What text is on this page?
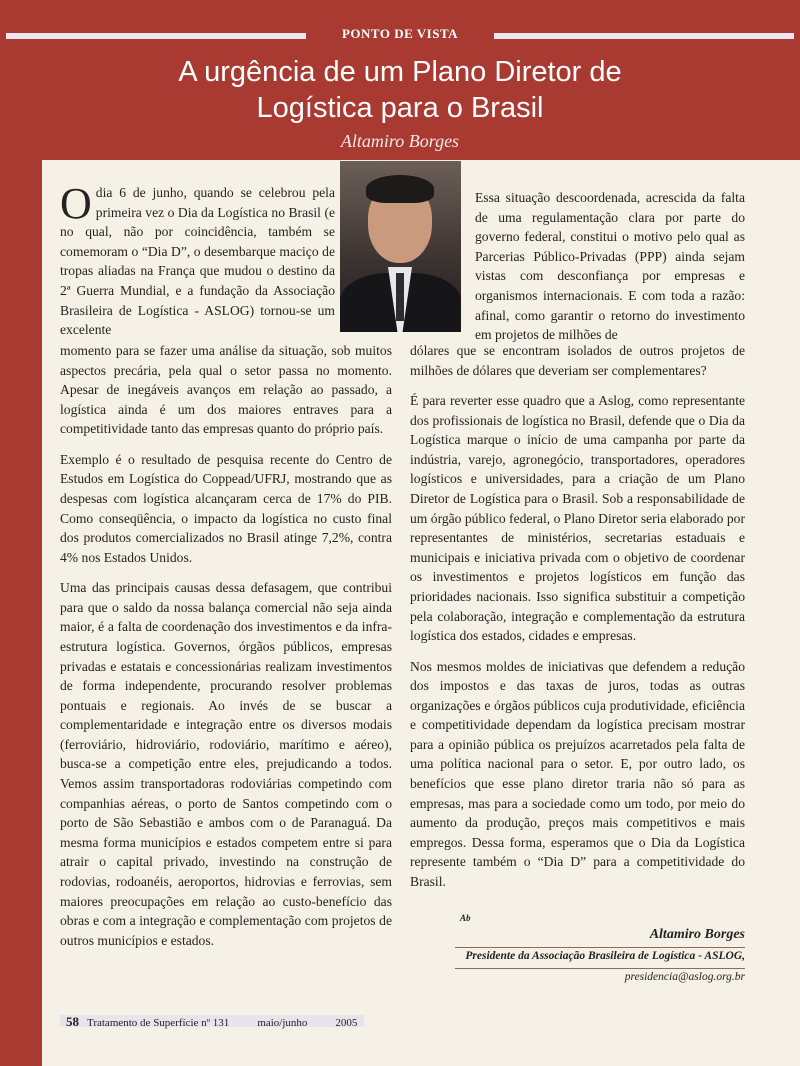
PONTO DE VISTA
A urgência de um Plano Diretor de
Logística para o Brasil
Altamiro Borges

Odia 6 de junho, quando se celebrou pela primeira vez o Dia da Logística no Brasil (e no qual, não por coincidência, também se comemoram o “Dia D”, o desembarque maciço de tropas aliadas na França que mudou o destino da 2ª Guerra Mundial, e a fundação da Associação Brasileira de Logística - ASLOG) tornou-se um excelente

momento para se fazer uma análise da situação, sob muitos aspectos precária, pela qual o setor passa no momento. Apesar de inegáveis avanços em relação ao passado, a logística ainda é um dos maiores entraves para a competitividade tanto das empresas quanto do próprio país.

Exemplo é o resultado de pesquisa recente do Centro de Estudos em Logística do Coppead/UFRJ, mostrando que as despesas com logística alcançaram cerca de 17% do PIB. Como conseqüência, o impacto da logística no custo final dos produtos comercializados no Brasil atinge 7,2%, contra 4% nos Estados Unidos.

Uma das principais causas dessa defasagem, que contribui para que o saldo da nossa balança comercial não seja ainda maior, é a falta de coordenação dos investimentos e da infra-estrutura logística. Governos, órgãos públicos, empresas privadas e estatais e concessionárias realizam investimentos de forma independente, procurando resolver problemas pontuais e regionais. Ao invés de se buscar a complementaridade e integração entre os diversos modais (ferroviário, hidroviário, rodoviário, marítimo e aéreo), busca-se a competição entre eles, prejudicando a todos. Vemos assim transportadoras rodoviárias competindo com companhias aéreas, o porto de Santos competindo com o porto de São Sebastião e ambos com o de Paranaguá. Da mesma forma municípios e estados competem entre si para atrair o capital privado, investindo na construção de rodovias, rodoanéis, aeroportos, hidrovias e ferrovias, sem maiores preocupações em relação ao custo-benefício das obras e com a integração e complementação com projetos de outros municípios e estados.

Essa situação descoordenada, acrescida da falta de uma regulamentação clara por parte do governo federal, constitui o motivo pelo qual as Parcerias Público-Privadas (PPP) ainda sejam vistas com desconfiança por empresas e organismos internacionais. E com toda a razão: afinal, como garantir o retorno do investimento em projetos de milhões de

dólares que se encontram isolados de outros projetos de milhões de dólares que deveriam ser complementares?

É para reverter esse quadro que a Aslog, como representante dos profissionais de logística no Brasil, defende que o Dia da Logística marque o início de uma campanha por parte da indústria, varejo, agronegócio, transportadores, operadores logísticos e universidades, para a criação de um Plano Diretor de Logística para o Brasil. Sob a responsabilidade de um órgão público federal, o Plano Diretor seria elaborado por representantes de ministérios, secretarias estaduais e municipais e iniciativa privada com o objetivo de coordenar os investimentos e projetos logísticos em função das prioridades nacionais. Isso significa substituir a competição pela colaboração, integração e complementação da estrutura logística dos estados, cidades e empresas.

Nos mesmos moldes de iniciativas que defendem a redução dos impostos e das taxas de juros, todas as outras organizações e órgãos públicos cuja produtividade, eficiência e competitividade dependam da logística precisam mostrar para a opinião pública os prejuízos acarretados pela falta de uma política nacional para o setor. E, por outro lado, os benefícios que esse plano diretor traria não só para as empresas, mas para a sociedade como um todo, por meio do aumento da produção, preços mais competitivos e mais empregos. Dessa forma, esperamos que o Dia da Logística represente também o “Dia D” para a competitividade do Brasil.

Ab
Altamiro Borges
Presidente da Associação Brasileira de Logística - ASLOG,
presidencia@aslog.org.br
58 Tratamento de Superfície nº 131	maio/junho	2005
